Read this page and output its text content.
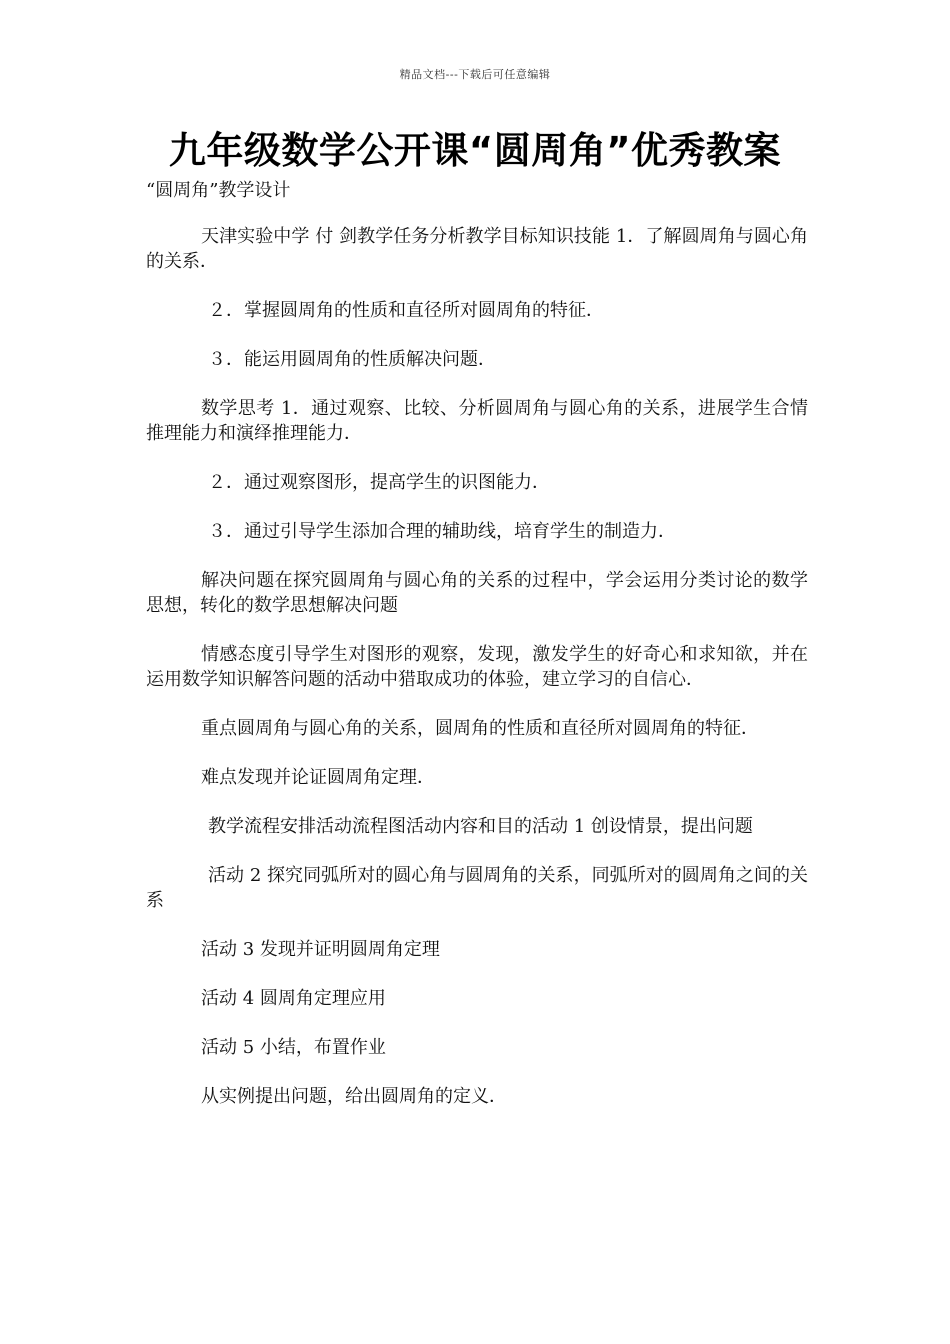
精品文档---下载后可任意编辑
九年级数学公开课“圆周角”优秀教案
“圆周角”教学设计

天津实验中学 付 剑教学任务分析教学目标知识技能 1．了解圆周角与圆心角的关系．

２．掌握圆周角的性质和直径所对圆周角的特征．

３．能运用圆周角的性质解决问题．

数学思考 1．通过观察、比较、分析圆周角与圆心角的关系，进展学生合情推理能力和演绎推理能力．

２．通过观察图形，提高学生的识图能力．

３．通过引导学生添加合理的辅助线，培育学生的制造力．

解决问题在探究圆周角与圆心角的关系的过程中，学会运用分类讨论的数学思想，转化的数学思想解决问题

情感态度引导学生对图形的观察，发现，激发学生的好奇心和求知欲，并在运用数学知识解答问题的活动中猎取成功的体验，建立学习的自信心．

重点圆周角与圆心角的关系，圆周角的性质和直径所对圆周角的特征．

难点发现并论证圆周角定理．

教学流程安排活动流程图活动内容和目的活动 1 创设情景，提出问题

活动 2 探究同弧所对的圆心角与圆周角的关系，同弧所对的圆周角之间的关系

活动 3 发现并证明圆周角定理

活动 4 圆周角定理应用

活动 5 小结，布置作业

从实例提出问题，给出圆周角的定义．
